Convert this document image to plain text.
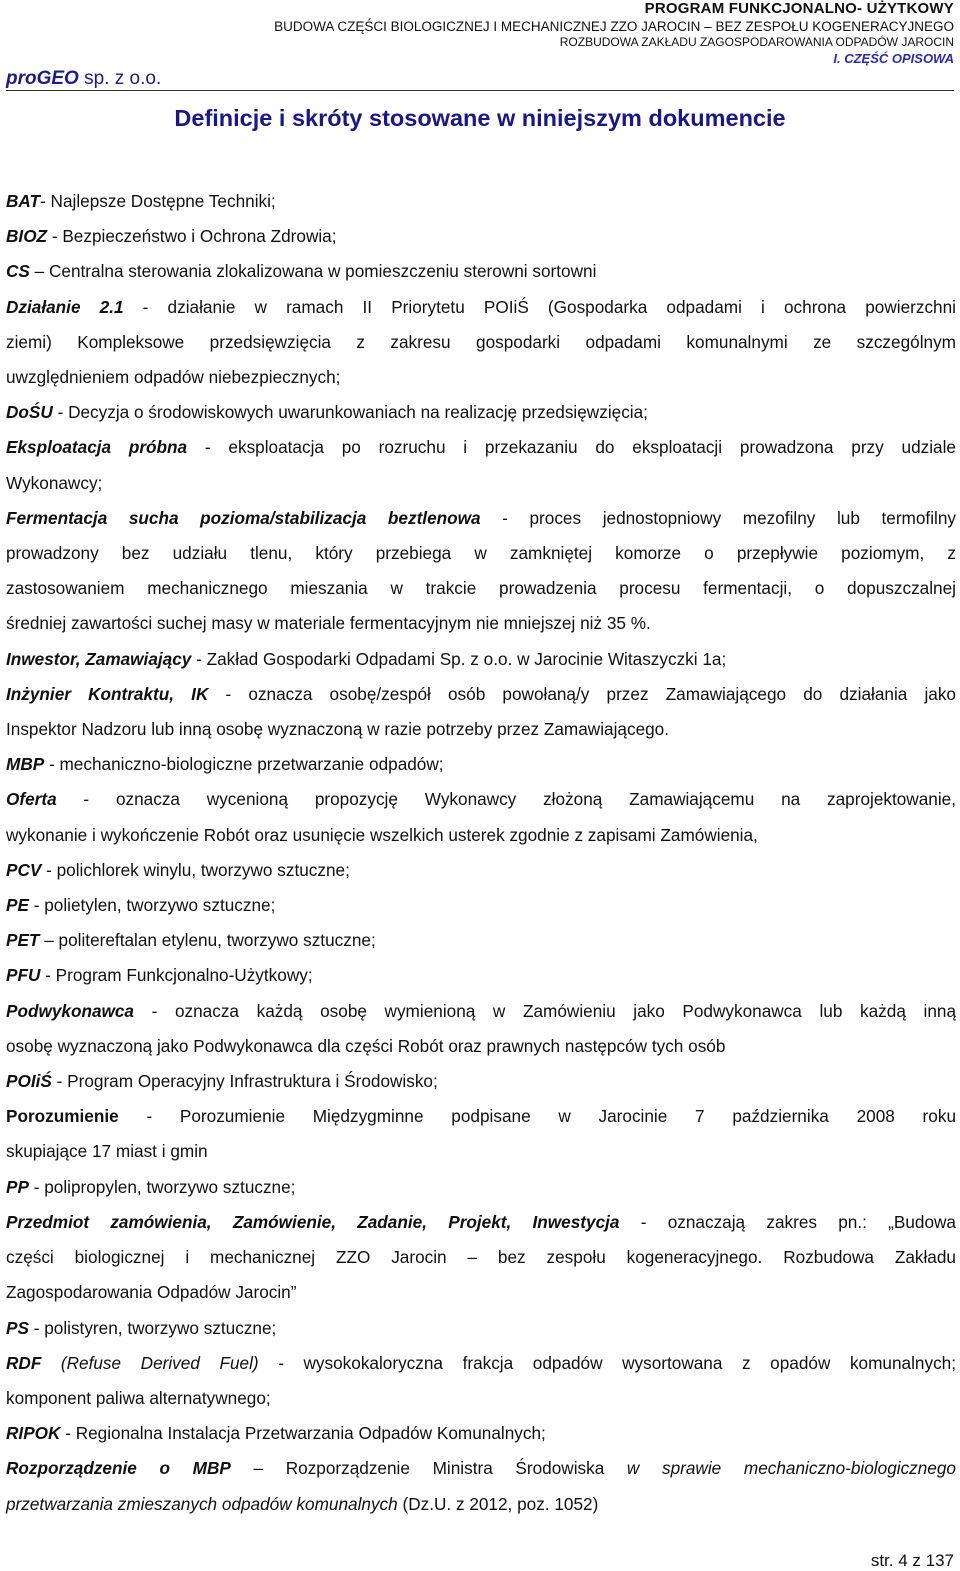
PROGRAM FUNKCJONALNO- UŻYTKOWY
BUDOWA CZĘŚCI BIOLOGICZNEJ I MECHANICZNEJ ZZO JAROCIN – BEZ ZESPOŁU KOGENERACYJNEGO
ROZBUDOWA ZAKŁADU ZAGOSPODAROWANIA ODPADÓW JAROCIN
I. CZĘŚĆ OPISOWA
proGEO sp. z o.o.
Definicje i skróty stosowane w niniejszym dokumencie

BAT- Najlepsze Dostępne Techniki;

BIOZ - Bezpieczeństwo i Ochrona Zdrowia;

CS – Centralna sterowania zlokalizowana w pomieszczeniu sterowni sortowni

Działanie 2.1 - działanie w ramach II Priorytetu POIiŚ (Gospodarka odpadami i ochrona powierzchni

ziemi) Kompleksowe przedsięwzięcia z zakresu gospodarki odpadami komunalnymi ze szczególnym

uwzględnieniem odpadów niebezpiecznych;

DoŚU - Decyzja o środowiskowych uwarunkowaniach na realizację przedsięwzięcia;

Eksploatacja próbna - eksploatacja po rozruchu i przekazaniu do eksploatacji prowadzona przy udziale

Wykonawcy;

Fermentacja sucha pozioma/stabilizacja beztlenowa - proces jednostopniowy mezofilny lub termofilny

prowadzony bez udziału tlenu, który przebiega w zamkniętej komorze o przepływie poziomym, z

zastosowaniem mechanicznego mieszania w trakcie prowadzenia procesu fermentacji, o dopuszczalnej

średniej zawartości suchej masy w materiale fermentacyjnym nie mniejszej niż 35 %.

Inwestor, Zamawiający - Zakład Gospodarki Odpadami Sp. z o.o. w Jarocinie Witaszyczki 1a;

Inżynier Kontraktu, IK - oznacza osobę/zespół osób powołaną/y przez Zamawiającego do działania jako

Inspektor Nadzoru lub inną osobę wyznaczoną w razie potrzeby przez Zamawiającego.

MBP - mechaniczno-biologiczne przetwarzanie odpadów;

Oferta - oznacza wycenioną propozycję Wykonawcy złożoną Zamawiającemu na zaprojektowanie,

wykonanie i wykończenie Robót oraz usunięcie wszelkich usterek zgodnie z zapisami Zamówienia,

PCV - polichlorek winylu, tworzywo sztuczne;

PE - polietylen, tworzywo sztuczne;

PET – politereftalan etylenu, tworzywo sztuczne;

PFU - Program Funkcjonalno-Użytkowy;

Podwykonawca - oznacza każdą osobę wymienioną w Zamówieniu jako Podwykonawca lub każdą inną

osobę wyznaczoną jako Podwykonawca dla części Robót oraz prawnych następców tych osób

POIiŚ - Program Operacyjny Infrastruktura i Środowisko;

Porozumienie - Porozumienie Międzygminne podpisane w Jarocinie 7 października 2008 roku

skupiające 17 miast i gmin

PP - polipropylen, tworzywo sztuczne;

Przedmiot zamówienia, Zamówienie, Zadanie, Projekt, Inwestycja - oznaczają zakres pn.: „Budowa

części biologicznej i mechanicznej ZZO Jarocin – bez zespołu kogeneracyjnego. Rozbudowa Zakładu

Zagospodarowania Odpadów Jarocin”

PS - polistyren, tworzywo sztuczne;

RDF (Refuse Derived Fuel) - wysokokaloryczna frakcja odpadów wysortowana z opadów komunalnych;

komponent paliwa alternatywnego;

RIPOK - Regionalna Instalacja Przetwarzania Odpadów Komunalnych;

Rozporządzenie o MBP – Rozporządzenie Ministra Środowiska w sprawie mechaniczno-biologicznego

przetwarzania zmieszanych odpadów komunalnych (Dz.U. z 2012, poz. 1052)

str. 4 z 137
